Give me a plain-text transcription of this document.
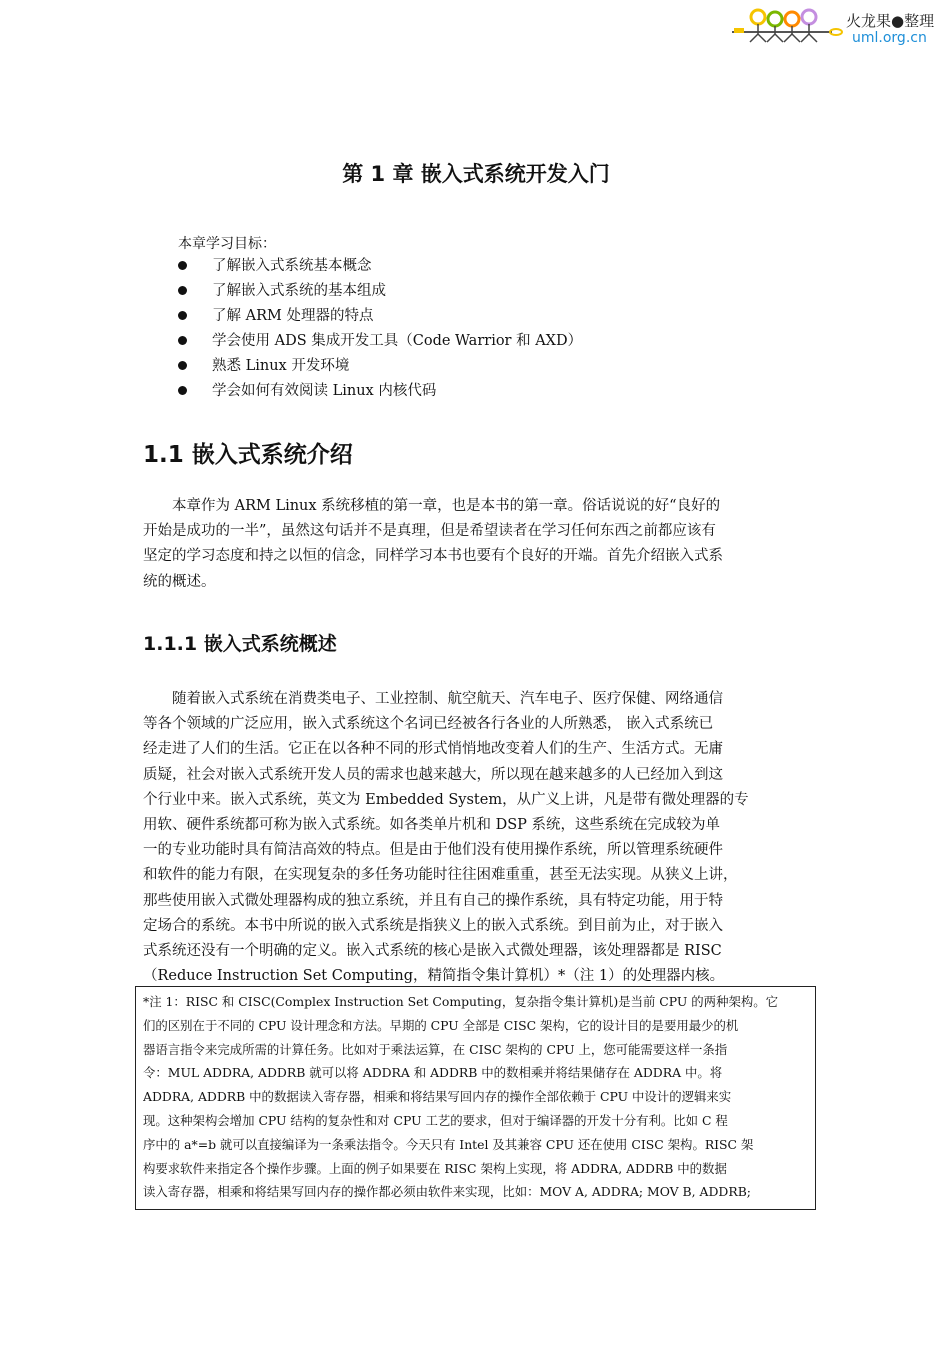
火龙果●整理
uml.org.cn
第 1 章 嵌入式系统开发入门
本章学习目标：
了解嵌入式系统基本概念
了解嵌入式系统的基本组成
了解 ARM 处理器的特点
学会使用 ADS 集成开发工具（Code Warrior 和 AXD）
熟悉 Linux 开发环境
学会如何有效阅读 Linux 内核代码
1.1 嵌入式系统介绍
　　本章作为 ARM Linux 系统移植的第一章，也是本书的第一章。俗话说说的好“良好的
开始是成功的一半”，虽然这句话并不是真理，但是希望读者在学习任何东西之前都应该有
坚定的学习态度和持之以恒的信念，同样学习本书也要有个良好的开端。首先介绍嵌入式系
统的概述。
1.1.1 嵌入式系统概述
　　随着嵌入式系统在消费类电子、工业控制、航空航天、汽车电子、医疗保健、网络通信
等各个领域的广泛应用，嵌入式系统这个名词已经被各行各业的人所熟悉， 嵌入式系统已
经走进了人们的生活。它正在以各种不同的形式悄悄地改变着人们的生产、生活方式。无庸
质疑，社会对嵌入式系统开发人员的需求也越来越大，所以现在越来越多的人已经加入到这
个行业中来。嵌入式系统，英文为 Embedded System，从广义上讲，凡是带有微处理器的专
用软、硬件系统都可称为嵌入式系统。如各类单片机和 DSP 系统，这些系统在完成较为单
一的专业功能时具有简洁高效的特点。但是由于他们没有使用操作系统，所以管理系统硬件
和软件的能力有限，在实现复杂的多任务功能时往往困难重重，甚至无法实现。从狭义上讲，
那些使用嵌入式微处理器构成的独立系统，并且有自己的操作系统，具有特定功能，用于特
定场合的系统。本书中所说的嵌入式系统是指狭义上的嵌入式系统。到目前为止，对于嵌入
式系统还没有一个明确的定义。嵌入式系统的核心是嵌入式微处理器，该处理器都是 RISC
（Reduce Instruction Set Computing，精简指令集计算机）*（注 1）的处理器内核。
*注 1：RISC 和 CISC(Complex Instruction Set Computing，复杂指令集计算机)是当前 CPU 的两种架构。它
们的区别在于不同的 CPU 设计理念和方法。早期的 CPU 全部是 CISC 架构，它的设计目的是要用最少的机
器语言指令来完成所需的计算任务。比如对于乘法运算，在 CISC 架构的 CPU 上，您可能需要这样一条指
令：MUL ADDRA, ADDRB 就可以将 ADDRA 和 ADDRB 中的数相乘并将结果储存在 ADDRA 中。将
ADDRA, ADDRB 中的数据读入寄存器，相乘和将结果写回内存的操作全部依赖于 CPU 中设计的逻辑来实
现。这种架构会增加 CPU 结构的复杂性和对 CPU 工艺的要求，但对于编译器的开发十分有利。比如 C 程
序中的 a*=b 就可以直接编译为一条乘法指令。今天只有 Intel 及其兼容 CPU 还在使用 CISC 架构。RISC 架
构要求软件来指定各个操作步骤。上面的例子如果要在 RISC 架构上实现，将 ADDRA, ADDRB 中的数据
读入寄存器，相乘和将结果写回内存的操作都必须由软件来实现，比如：MOV A, ADDRA; MOV B, ADDRB;
